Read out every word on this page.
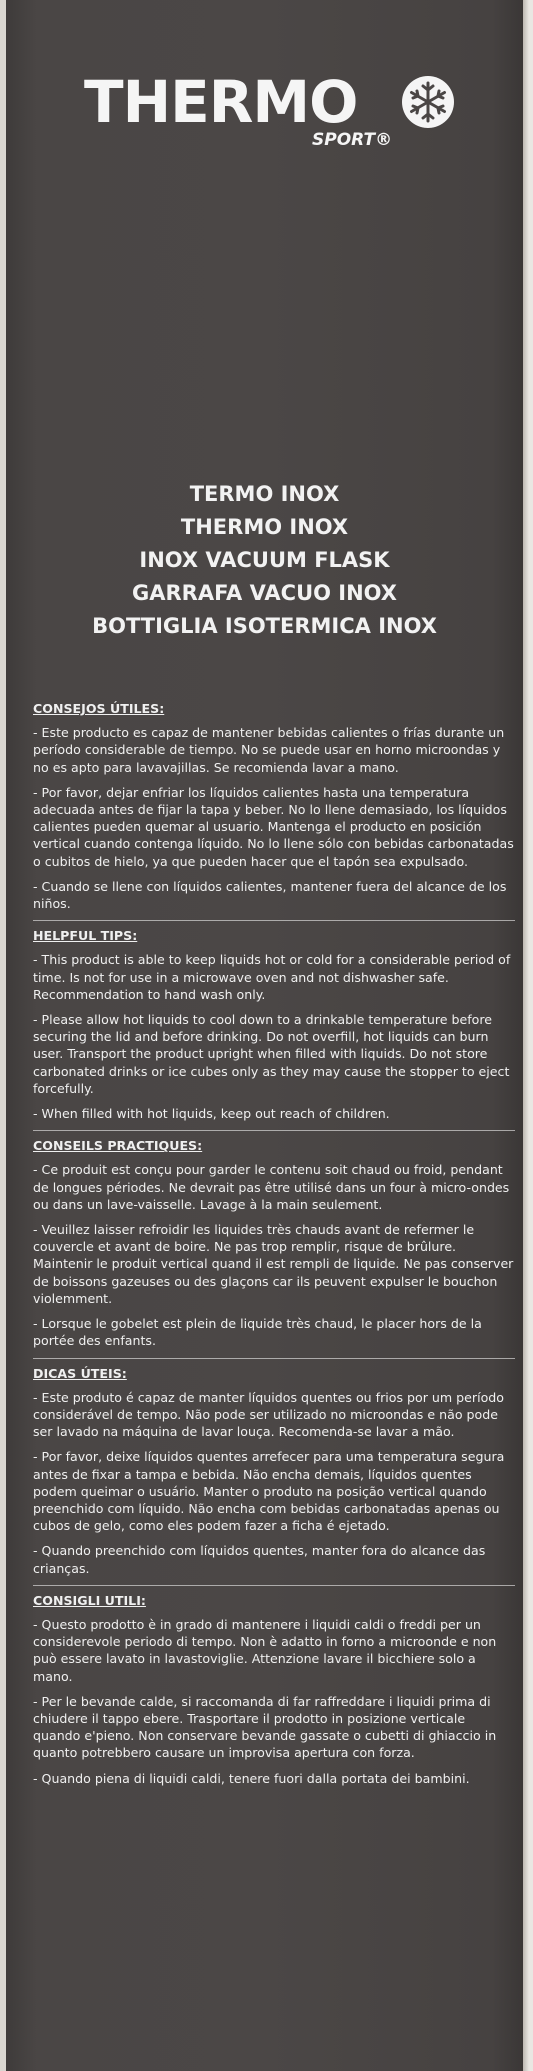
THERMO
SPORT®
TERMO INOX
THERMO INOX
INOX VACUUM FLASK
GARRAFA VACUO INOX
BOTTIGLIA ISOTERMICA INOX
CONSEJOS ÚTILES:
- Este producto es capaz de mantener bebidas calientes o frías durante un período considerable de tiempo. No se puede usar en horno microondas y no es apto para lavavajillas. Se recomienda lavar a mano.
- Por favor, dejar enfriar los líquidos calientes hasta una temperatura adecuada antes de fijar la tapa y beber. No lo llene demasiado, los líquidos calientes pueden quemar al usuario. Mantenga el producto en posición vertical cuando contenga líquido. No lo llene sólo con bebidas carbonatadas o cubitos de hielo, ya que pueden hacer que el tapón sea expulsado.
- Cuando se llene con líquidos calientes, mantener fuera del alcance de los niños.
HELPFUL TIPS:
- This product is able to keep liquids hot or cold for a considerable period of time. Is not for use in a microwave oven and not dishwasher safe. Recommendation to hand wash only.
- Please allow hot liquids to cool down to a drinkable temperature before securing the lid and before drinking. Do not overfill, hot liquids can burn user. Transport the product upright when filled with liquids. Do not store carbonated drinks or ice cubes only as they may cause the stopper to eject forcefully.
- When filled with hot liquids, keep out reach of children.
CONSEILS PRACTIQUES:
- Ce produit est conçu pour garder le contenu soit chaud ou froid, pendant de longues périodes. Ne devrait pas être utilisé dans un four à micro-ondes ou dans un lave-vaisselle. Lavage à la main seulement.
- Veuillez laisser refroidir les liquides très chauds avant de refermer le couvercle et avant de boire. Ne pas trop remplir, risque de brûlure. Maintenir le produit vertical quand il est rempli de liquide. Ne pas conserver de boissons gazeuses ou des glaçons car ils peuvent expulser le bouchon violemment.
- Lorsque le gobelet est plein de liquide très chaud, le placer hors de la portée des enfants.
DICAS ÚTEIS:
- Este produto é capaz de manter líquidos quentes ou frios por um período considerável de tempo. Não pode ser utilizado no microondas e não pode ser lavado na máquina de lavar louça. Recomenda-se lavar a mão.
- Por favor, deixe líquidos quentes arrefecer para uma temperatura segura antes de fixar a tampa e bebida. Não encha demais, líquidos quentes podem queimar o usuário. Manter o produto na posição vertical quando preenchido com líquido. Não encha com bebidas carbonatadas apenas ou cubos de gelo, como eles podem fazer a ficha é ejetado.
- Quando preenchido com líquidos quentes, manter fora do alcance das crianças.
CONSIGLI UTILI:
- Questo prodotto è in grado di mantenere i liquidi caldi o freddi per un considerevole periodo di tempo. Non è adatto in forno a microonde e non può essere lavato in lavastoviglie. Attenzione lavare il bicchiere solo a mano.
- Per le bevande calde, si raccomanda di far raffreddare i liquidi prima di chiudere il tappo ebere. Trasportare il prodotto in posizione verticale quando e'pieno. Non conservare bevande gassate o cubetti di ghiaccio in quanto potrebbero causare un improvisa apertura con forza.
- Quando piena di liquidi caldi, tenere fuori dalla portata dei bambini.
